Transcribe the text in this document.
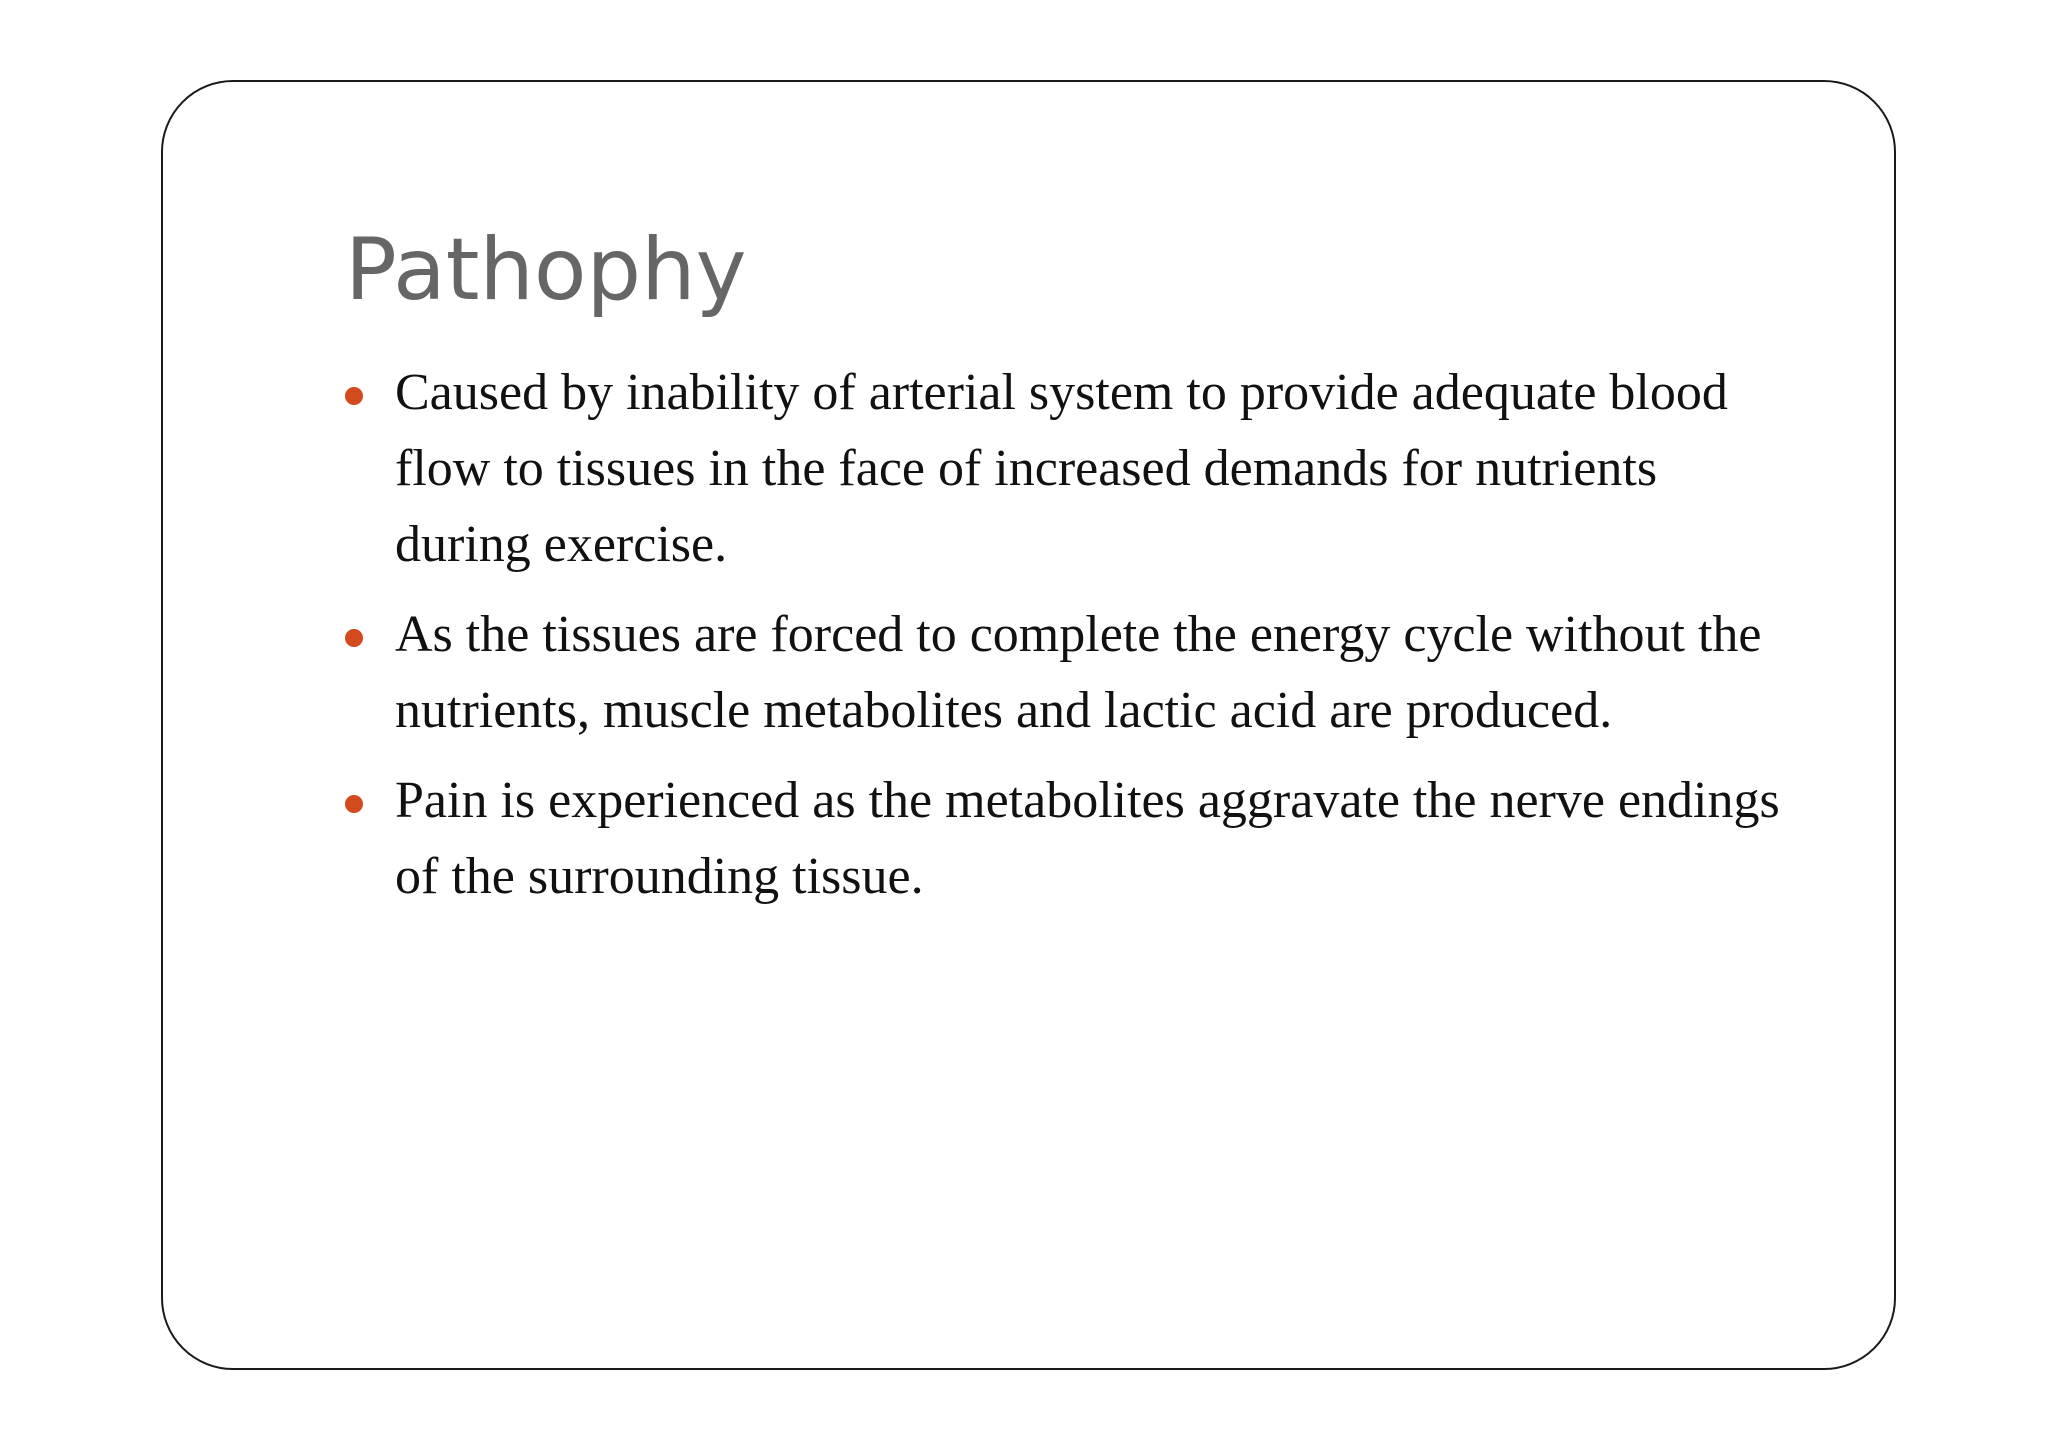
Pathophy
Caused by inability of arterial system to provide adequate blood flow to tissues in the face of increased demands for nutrients during exercise.
As the tissues are forced to complete the energy cycle without the nutrients, muscle metabolites and lactic acid are produced.
Pain is experienced as the metabolites aggravate the nerve endings of the surrounding tissue.
